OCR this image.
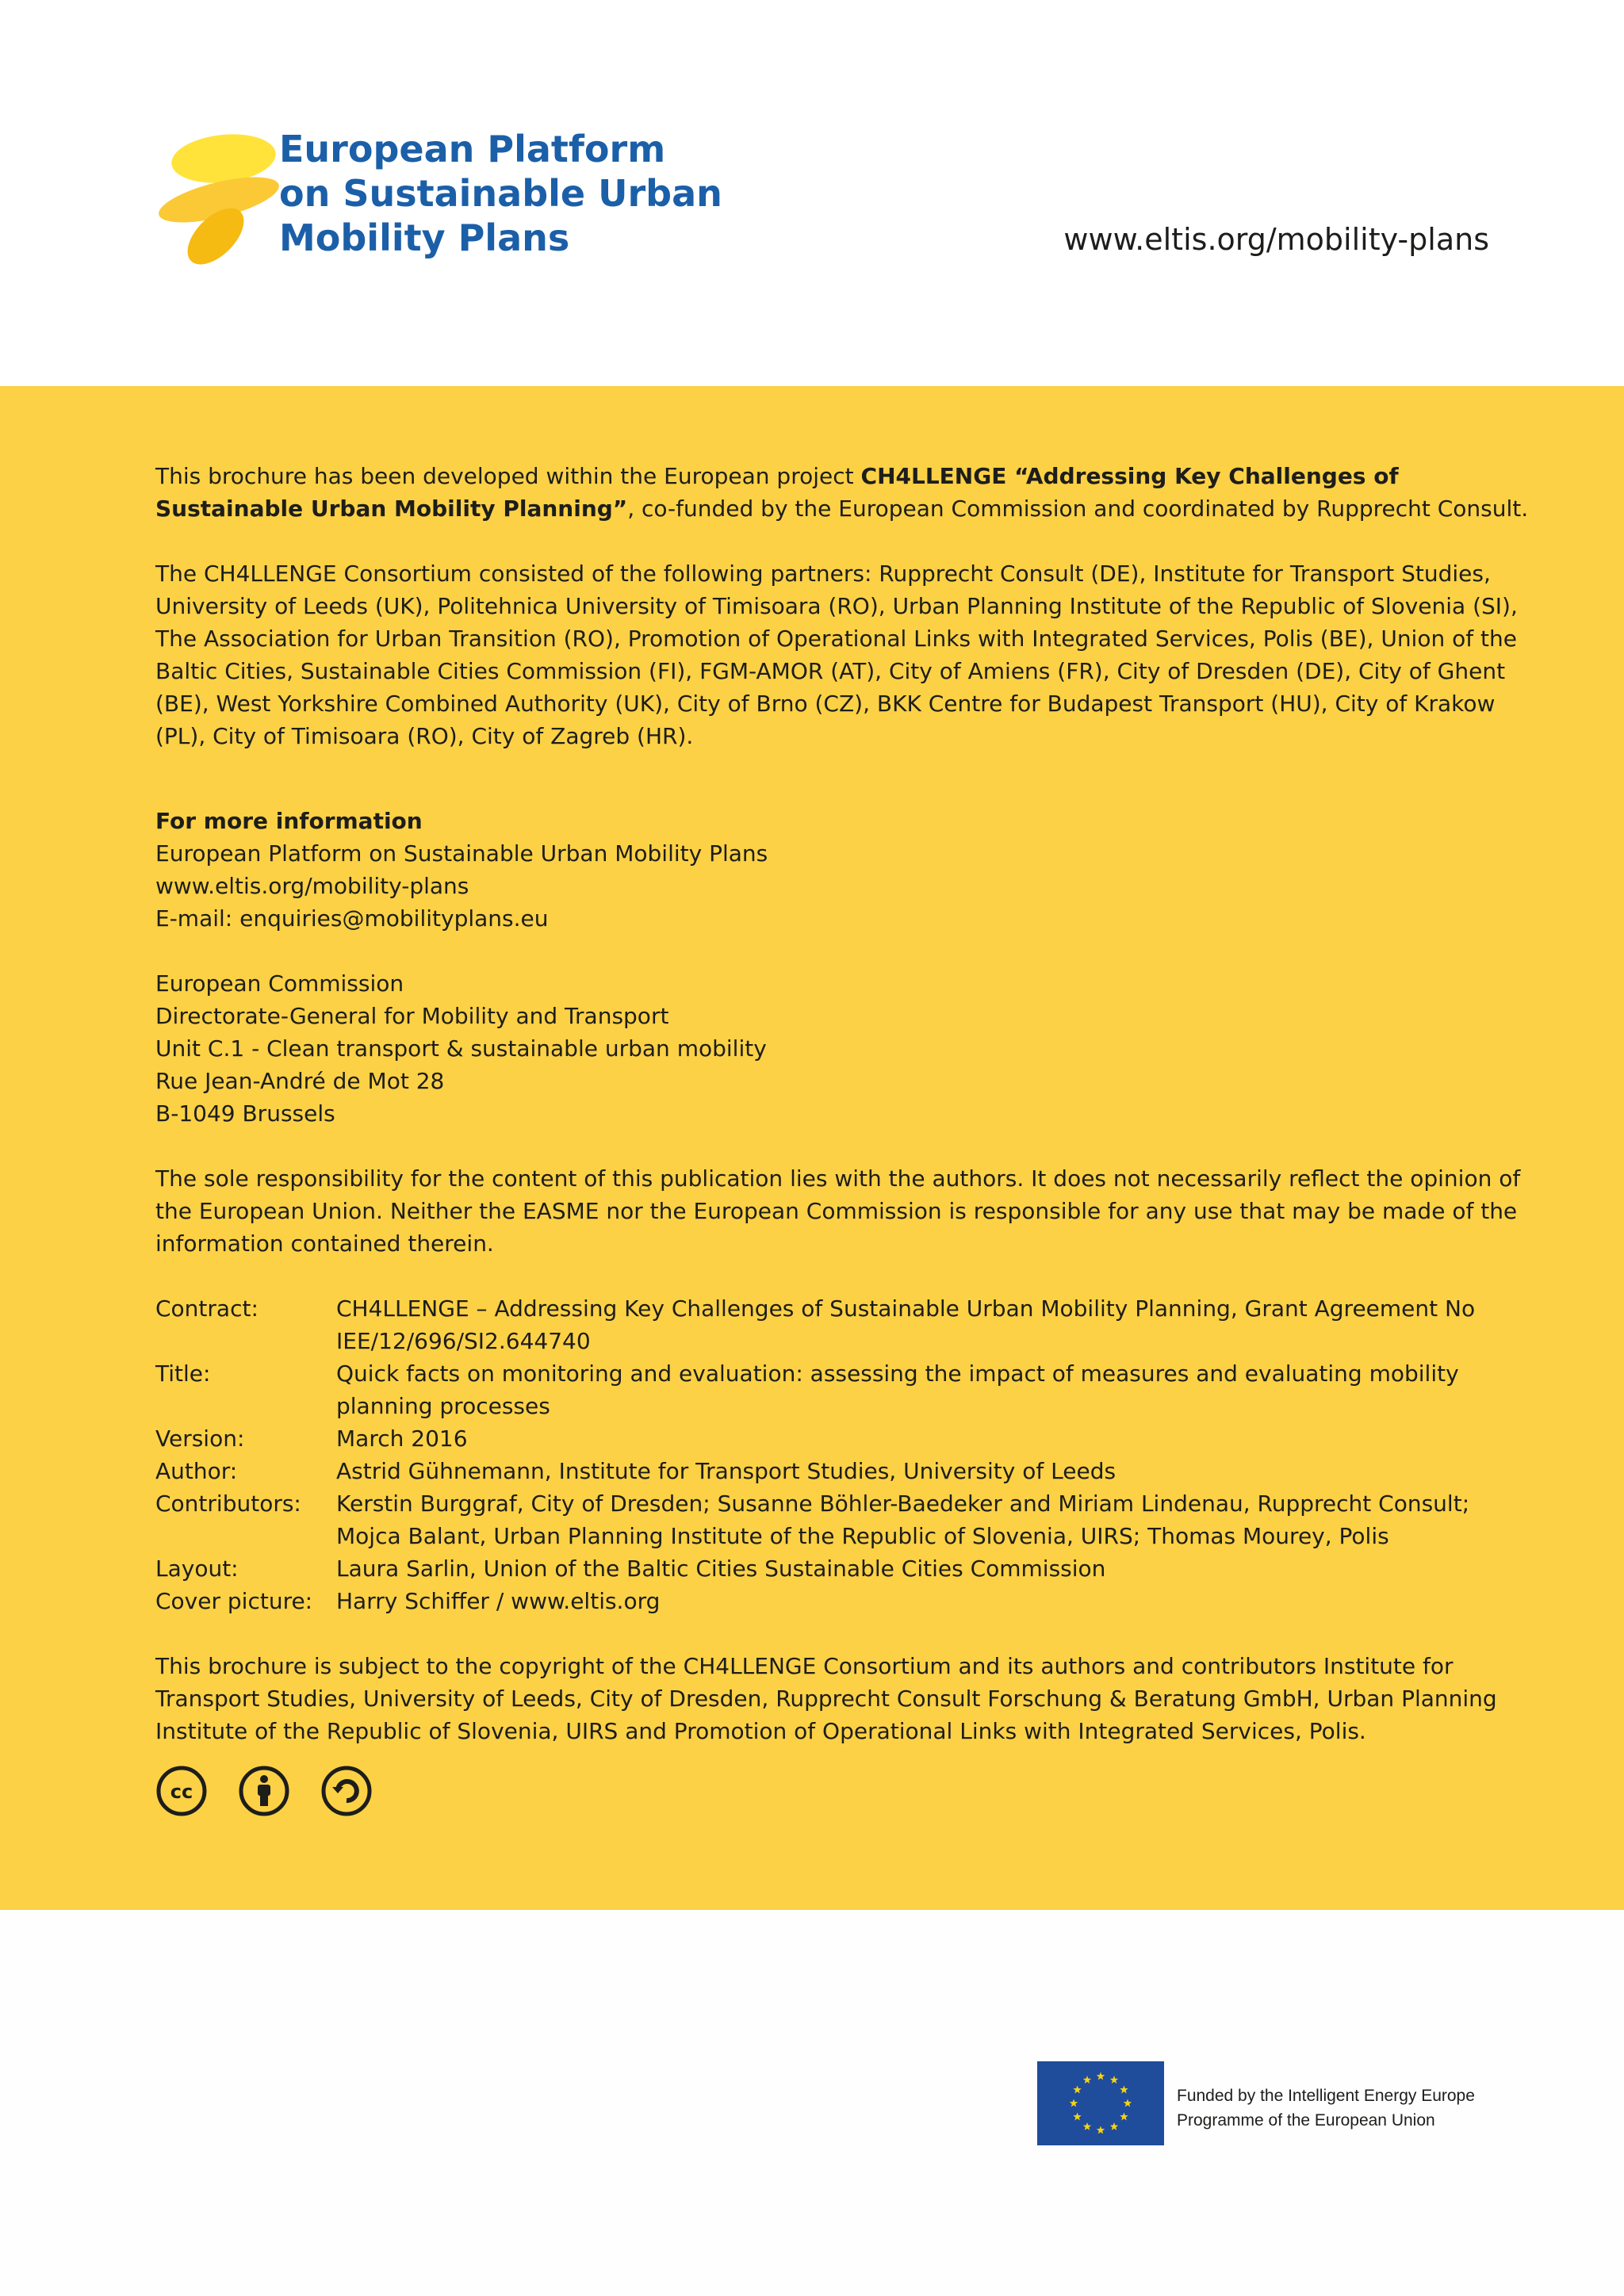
European Platform
on Sustainable Urban
Mobility Plans	www.eltis.org/mobility-plans

This brochure has been developed within the European project CH4LLENGE “Addressing Key Challenges of Sustainable Urban Mobility Planning”, co-funded by the European Commission and coordinated by Rupprecht Consult.

The CH4LLENGE Consortium consisted of the following partners: Rupprecht Consult (DE), Institute for Transport Studies, University of Leeds (UK), Politehnica University of Timisoara (RO), Urban Planning Institute of the Republic of Slovenia (SI), The Association for Urban Transition (RO), Promotion of Operational Links with Integrated Services, Polis (BE), Union of the Baltic Cities, Sustainable Cities Commission (FI), FGM-AMOR (AT), City of Amiens (FR), City of Dresden (DE), City of Ghent (BE), West Yorkshire Combined Authority (UK), City of Brno (CZ), BKK Centre for Budapest Transport (HU), City of Krakow (PL), City of Timisoara (RO), City of Zagreb (HR).

For more information

European Platform on Sustainable Urban Mobility Plans

www.eltis.org/mobility-plans

E-mail: enquiries@mobilityplans.eu

European Commission

Directorate-General for Mobility and Transport

Unit C.1 - Clean transport & sustainable urban mobility

Rue Jean-André de Mot 28

B-1049 Brussels

The sole responsibility for the content of this publication lies with the authors. It does not necessarily reflect the opinion of the European Union. Neither the EASME nor the European Commission is responsible for any use that may be made of the information contained therein.

Contract:	CH4LLENGE – Addressing Key Challenges of Sustainable Urban Mobility Planning, Grant Agreement No IEE/12/696/SI2.644740
Title:	Quick facts on monitoring and evaluation: assessing the impact of measures and evaluating mobility planning processes
Version:	March 2016
Author:	Astrid Gühnemann, Institute for Transport Studies, University of Leeds
Contributors:	Kerstin Burggraf, City of Dresden; Susanne Böhler-Baedeker and Miriam Lindenau, Rupprecht Consult; Mojca Balant, Urban Planning Institute of the Republic of Slovenia, UIRS; Thomas Mourey, Polis
Layout:	Laura Sarlin, Union of the Baltic Cities Sustainable Cities Commission
Cover picture:	Harry Schiffer / www.eltis.org

This brochure is subject to the copyright of the CH4LLENGE Consortium and its authors and contributors Institute for Transport Studies, University of Leeds, City of Dresden, Rupprecht Consult Forschung & Beratung GmbH, Urban Planning Institute of the Republic of Slovenia, UIRS and Promotion of Operational Links with Integrated Services, Polis.

cc
Funded by the Intelligent Energy Europe
Programme of the European Union
